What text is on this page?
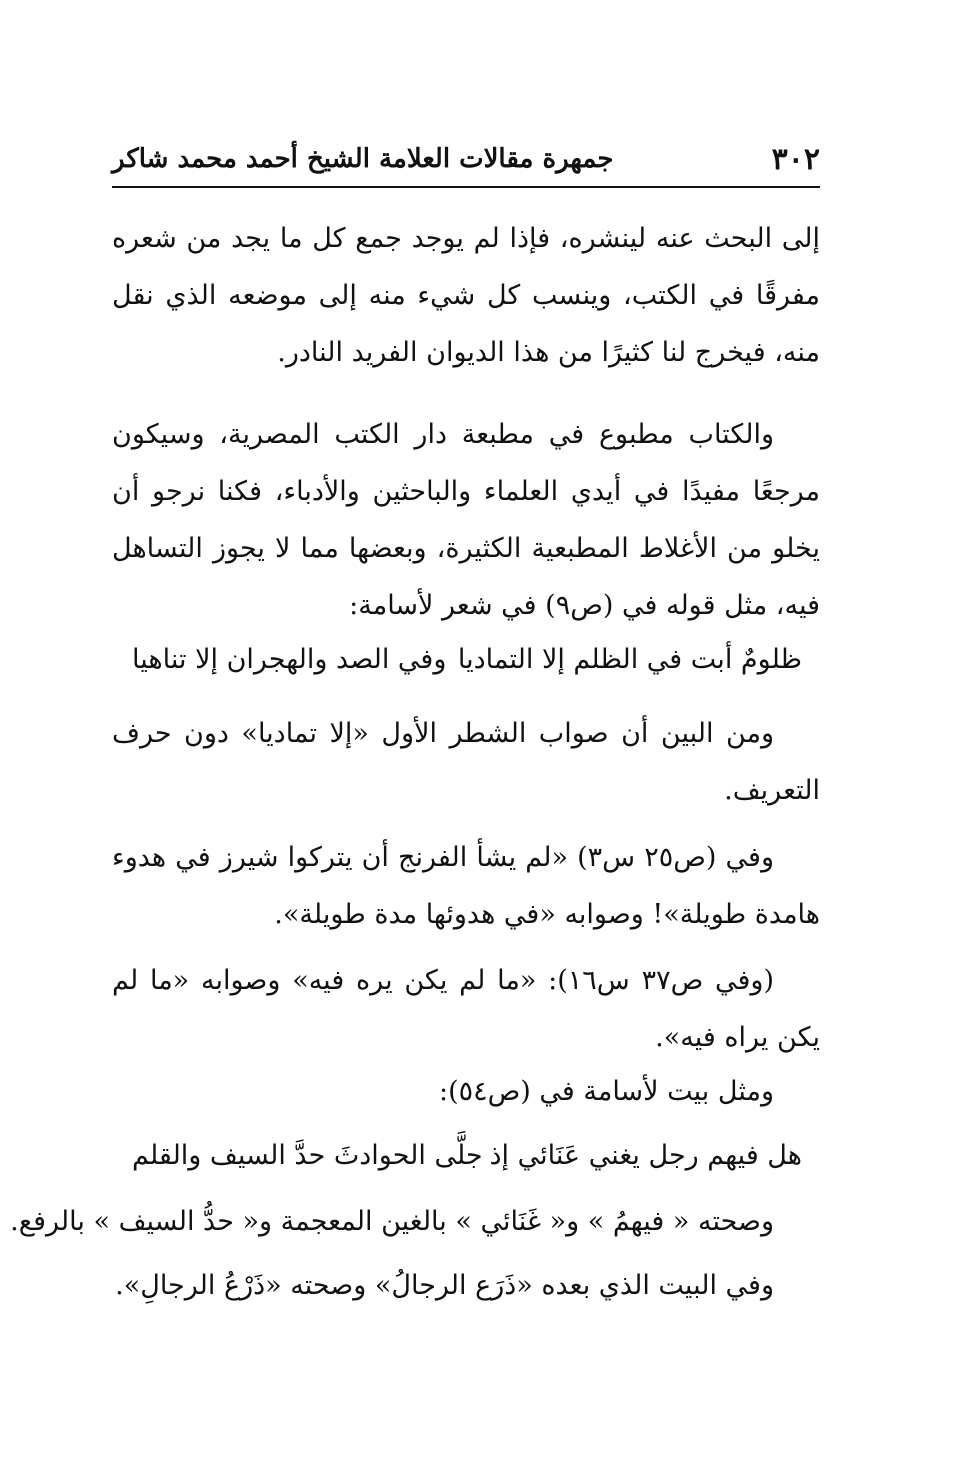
٣٠٢
جمهرة مقالات العلامة الشيخ أحمد محمد شاكر

إلى البحث عنه لينشره، فإذا لم يوجد جمع كل ما يجد من شعره مفرقًا في الكتب، وينسب كل شيء منه إلى موضعه الذي نقل منه، فيخرج لنا كثيرًا من هذا الديوان الفريد النادر.

والكتاب مطبوع في مطبعة دار الكتب المصرية، وسيكون مرجعًا مفيدًا في أيدي العلماء والباحثين والأدباء، فكنا نرجو أن يخلو من الأغلاط المطبعية الكثيرة، وبعضها مما لا يجوز التساهل فيه، مثل قوله في (ص٩) في شعر لأسامة:

ظلومٌ أبت في الظلم إلا التماديا
وفي الصد والهجران إلا تناهيا

ومن البين أن صواب الشطر الأول «إلا تماديا» دون حرف التعريف.

وفي (ص٢٥ س٣) «لم يشأ الفرنج أن يتركوا شيرز في هدوء هامدة طويلة»! وصوابه «في هدوئها مدة طويلة».

(وفي ص٣٧ س١٦): «ما لم يكن يره فيه» وصوابه «ما لم يكن يراه فيه».

ومثل بيت لأسامة في (ص٥٤):
هل فيهم رجل يغني عَنَائي إذ
جلَّى الحوادثَ حدَّ السيف والقلم
وصحته « فيهمُ » و« غَنَائي » بالغين المعجمة و« حدُّ السيف » بالرفع.
وفي البيت الذي بعده «ذَرَع الرجالُ» وصحته «ذَرْعُ الرجالِ».
